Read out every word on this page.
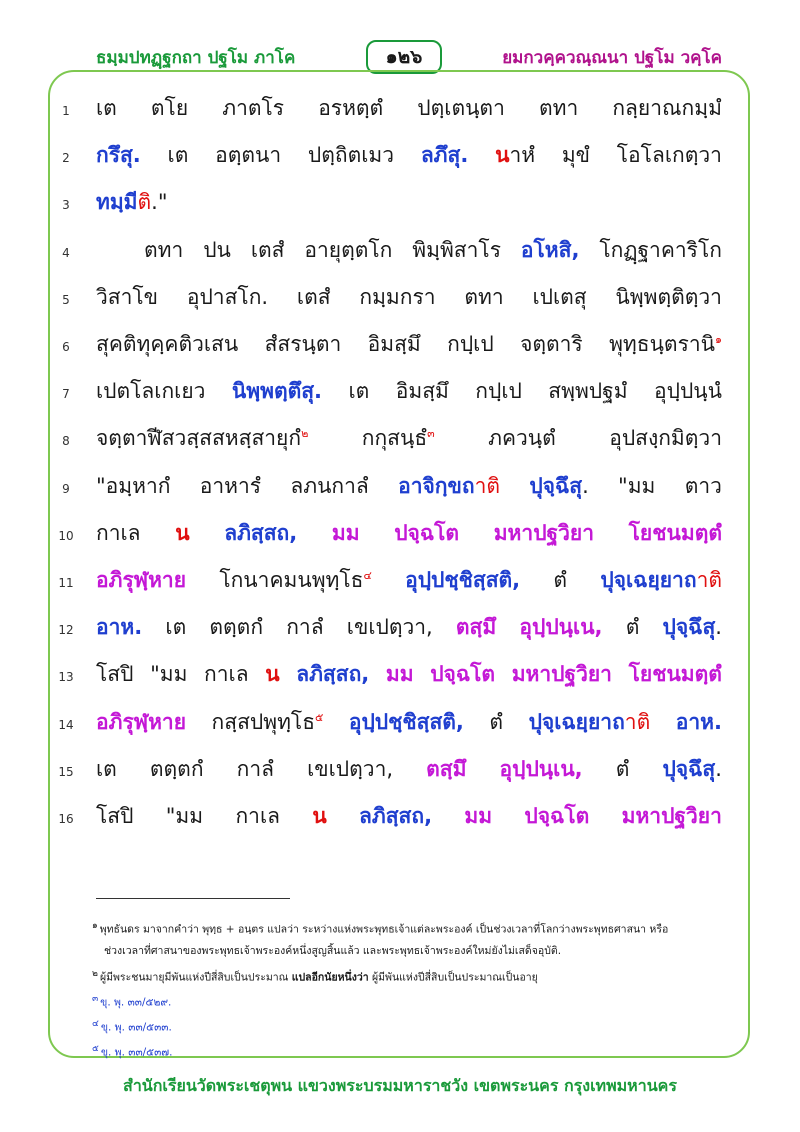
ธมฺมปทฏฺฐกถา ปฐโม ภาโค	๑๒๖	ยมกวคฺควณฺณนา ปฐโม วคฺโค
1	เต ตโย ภาตโร อรหตฺตํ ปตฺเตนฺตา ตทา กลฺยาณกมฺมํ
2	กรึสุ. เต อตฺตนา ปตฺถิตเมว ลภึสุ. นาหํ มุขํ โอโลเกตฺวา
3	ทมฺมีติ."
4	ตทา ปน เตสํ อายุตฺตโก พิมฺพิสาโร อโหสิ, โกฏฺฐาคาริโก
5	วิสาโข อุปาสโก. เตสํ กมฺมกรา ตทา เปเตสุ นิพฺพตฺติตฺวา
6	สุคติทุคฺคติวเสน สํสรนฺตา อิมสฺมึ กปฺเป จตฺตาริ พุทฺธนฺตรานิ$^๑$
7	เปตโลเกเยว นิพฺพตฺตึสุ. เต อิมสฺมึ กปฺเป สพฺพปฐมํ อุปฺปนฺนํ
8	จตฺตาฬีสวสฺสสหสฺสายุกํ$^๒$	กกุสนฺธํ$^๓$	ภควนฺตํ	อุปสงฺกมิตฺวา
9	"อมฺหากํ อาหารํ ลภนกาลํ อาจิกฺขถาติ ปุจฺฉึสุ. "มม ตาว
10	กาเล น ลภิสฺสถ, มม ปจฺฉโต มหาปฐวิยา โยชนมตฺตํ
11	อภิรุฬฺหาย โกนาคมนพุทฺโธ$^๔$ อุปฺปชฺชิสฺสติ, ตํ ปุจฺเฉยฺยาถาติ
12	อาห. เต ตตฺตกํ กาลํ เขเปตฺวา, ตสฺมึ อุปฺปนฺเน, ตํ ปุจฺฉึสุ.
13	โสปิ "มม กาเล น ลภิสฺสถ, มม ปจฺฉโต มหาปฐวิยา โยชนมตฺตํ
14	อภิรุฬฺหาย กสฺสปพุทฺโธ$^๕$ อุปฺปชฺชิสฺสติ, ตํ ปุจฺเฉยฺยาถาติ อาห.
15	เต ตตฺตกํ กาลํ เขเปตฺวา, ตสฺมึ อุปฺปนฺเน, ตํ ปุจฺฉึสุ.
16	โสปิ "มม กาเล น ลภิสฺสถ, มม ปจฺฉโต มหาปฐวิยา
๑ พุทธันดร มาจากคำว่า พุทฺธ + อนฺตร แปลว่า ระหว่างแห่งพระพุทธเจ้าแต่ละพระองค์ เป็นช่วงเวลาที่โลกว่างพระพุทธศาสนา หรือ
ช่วงเวลาที่ศาสนาของพระพุทธเจ้าพระองค์หนึ่งสูญสิ้นแล้ว และพระพุทธเจ้าพระองค์ใหม่ยังไม่เสด็จอุบัติ.
๒ ผู้มีพระชนมายุมีพันแห่งปีสี่สิบเป็นประมาณ แปลอีกนัยหนึ่งว่า ผู้มีพันแห่งปีสี่สิบเป็นประมาณเป็นอายุ
๓ ขุ. พุ. ๓๓/๕๒๙.
๔ ขุ. พุ. ๓๓/๕๓๓.
๕ ขุ. พุ. ๓๓/๕๓๗.
สำนักเรียนวัดพระเชตุพน แขวงพระบรมมหาราชวัง เขตพระนคร กรุงเทพมหานคร
